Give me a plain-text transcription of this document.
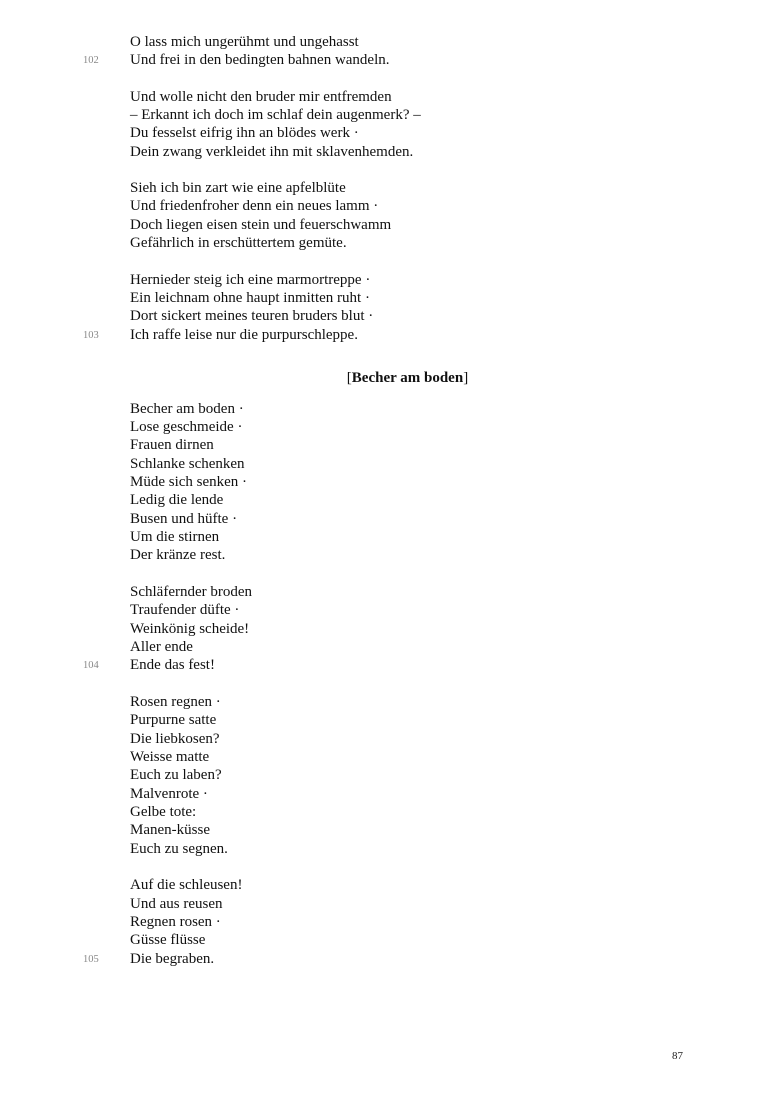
O lass mich ungerühmt und ungehasst
Und frei in den bedingten bahnen wandeln.
102
Und wolle nicht den bruder mir entfremden
– Erkannt ich doch im schlaf dein augenmerk? –
Du fesselst eifrig ihn an blödes werk ·
Dein zwang verkleidet ihn mit sklavenhemden.
Sieh ich bin zart wie eine apfelblüte
Und friedenfroher denn ein neues lamm ·
Doch liegen eisen stein und feuerschwamm
Gefährlich in erschüttertem gemüte.
Hernieder steig ich eine marmortreppe ·
Ein leichnam ohne haupt inmitten ruht ·
Dort sickert meines teuren bruders blut ·
Ich raffe leise nur die purpurschleppe.
103
[Becher am boden]
Becher am boden ·
Lose geschmeide ·
Frauen dirnen
Schlanke schenken
Müde sich senken ·
Ledig die lende
Busen und hüfte ·
Um die stirnen
Der kränze rest.
Schläfernder broden
Traufender düfte ·
Weinkönig scheide!
Aller ende
Ende das fest!
104
Rosen regnen ·
Purpurne satte
Die liebkosen?
Weisse matte
Euch zu laben?
Malvenrote ·
Gelbe tote:
Manen-küsse
Euch zu segnen.
Auf die schleusen!
Und aus reusen
Regnen rosen ·
Güsse flüsse
Die begraben.
105
87
